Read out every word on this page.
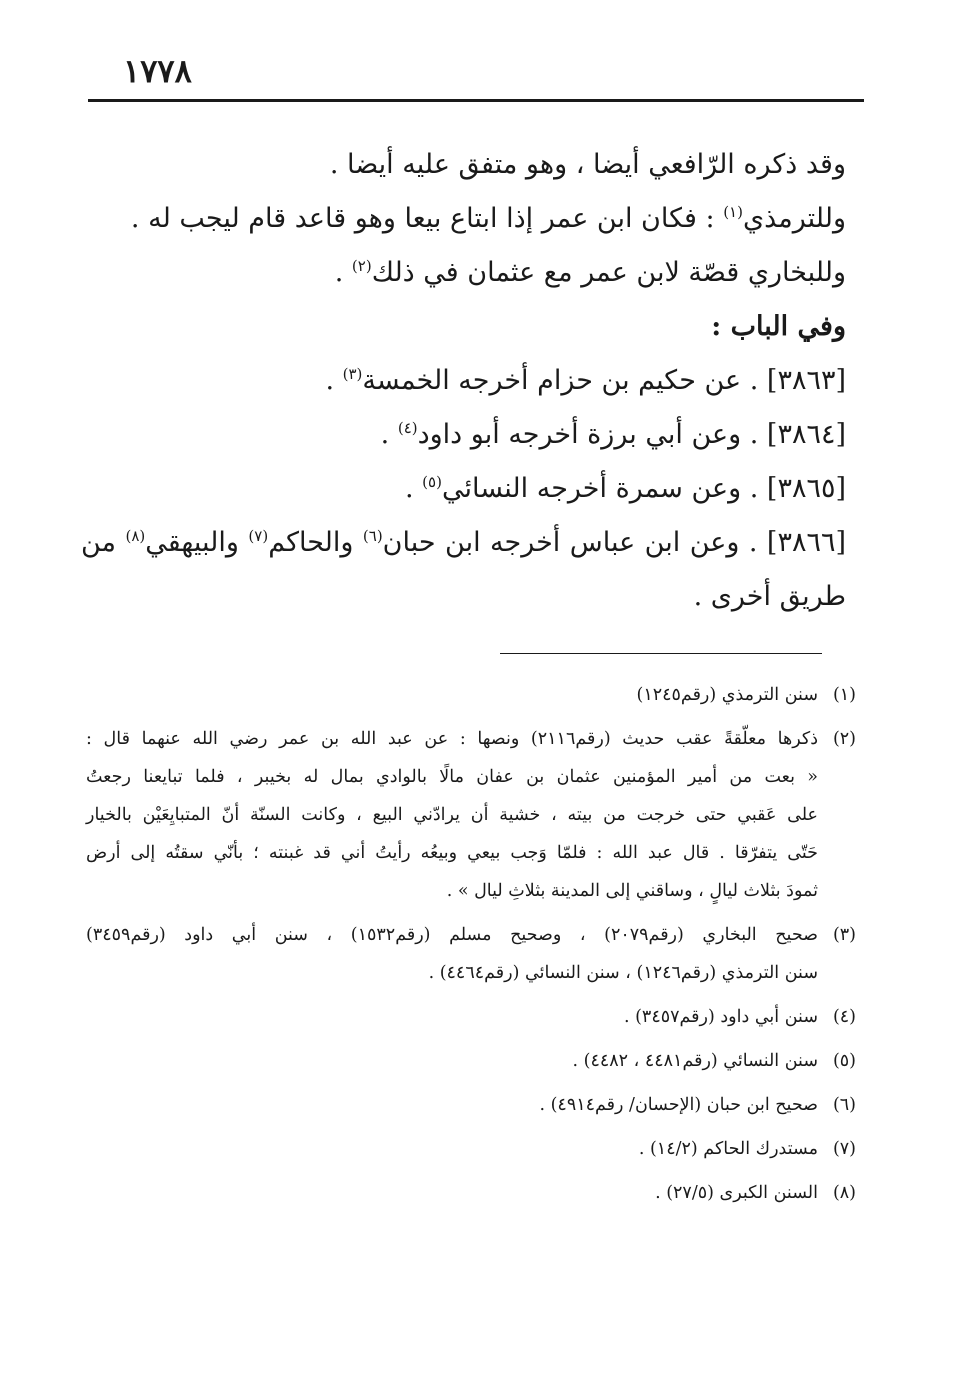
١٧٧٨
وقد ذكره الرّافعي أيضا ، وهو متفق عليه أيضا .
وللترمذي$^{(١)}$ : فكان ابن عمر إذا ابتاع بيعا وهو قاعد قام ليجب له .
وللبخاري قصّة لابن عمر مع عثمان في ذلك$^{(٢)}$ .
وفي الباب :
[٣٨٦٣] . عن حكيم بن حزام أخرجه الخمسة$^{(٣)}$ .
[٣٨٦٤] . وعن أبي برزة أخرجه أبو داود$^{(٤)}$ .
[٣٨٦٥] . وعن سمرة أخرجه النسائي$^{(٥)}$ .
[٣٨٦٦] . وعن ابن عباس أخرجه ابن حبان$^{(٦)}$ والحاكم$^{(٧)}$ والبيهقي$^{(٨)}$ من
طريق أخرى .
(١)
سنن الترمذي (رقم١٢٤٥)
(٢)
ذكرها معلّقةً عقب حديث (رقم٢١١٦) ونصها : عن عبد الله بن عمر رضي الله عنهما قال :
« بعت من أمير المؤمنين عثمان بن عفان مالًا بالوادي بمال له بخيبر ، فلما تبايعنا رجعتُ
على عَقبي حتى خرجت من بيته ، خشية أن يرادّني البيع ، وكانت السنّة أنّ المتبايِعَيْن بالخيار
حَتّى يتفرّقا . قال عبد الله : فلمّا وَجب بيعي وبيعُه رأيتُ أني قد غبنته ؛ بأنّي سقتُه إلى أرض
ثمودَ بثلاث ليالٍ ، وساقني إلى المدينة بثلاثِ ليال » .
(٣)
صحيح البخاري (رقم٢٠٧٩) ، وصحيح مسلم (رقم١٥٣٢) ، سنن أبي داود (رقم٣٤٥٩)
سنن الترمذي (رقم١٢٤٦) ، سنن النسائي (رقم٤٤٦٤) .
(٤)
سنن أبي داود (رقم٣٤٥٧) .
(٥)
سنن النسائي (رقم٤٤٨١ ، ٤٤٨٢) .
(٦)
صحيح ابن حبان (الإحسان/ رقم٤٩١٤) .
(٧)
مستدرك الحاكم (١٤/٢) .
(٨)
السنن الكبرى (٢٧/٥) .
